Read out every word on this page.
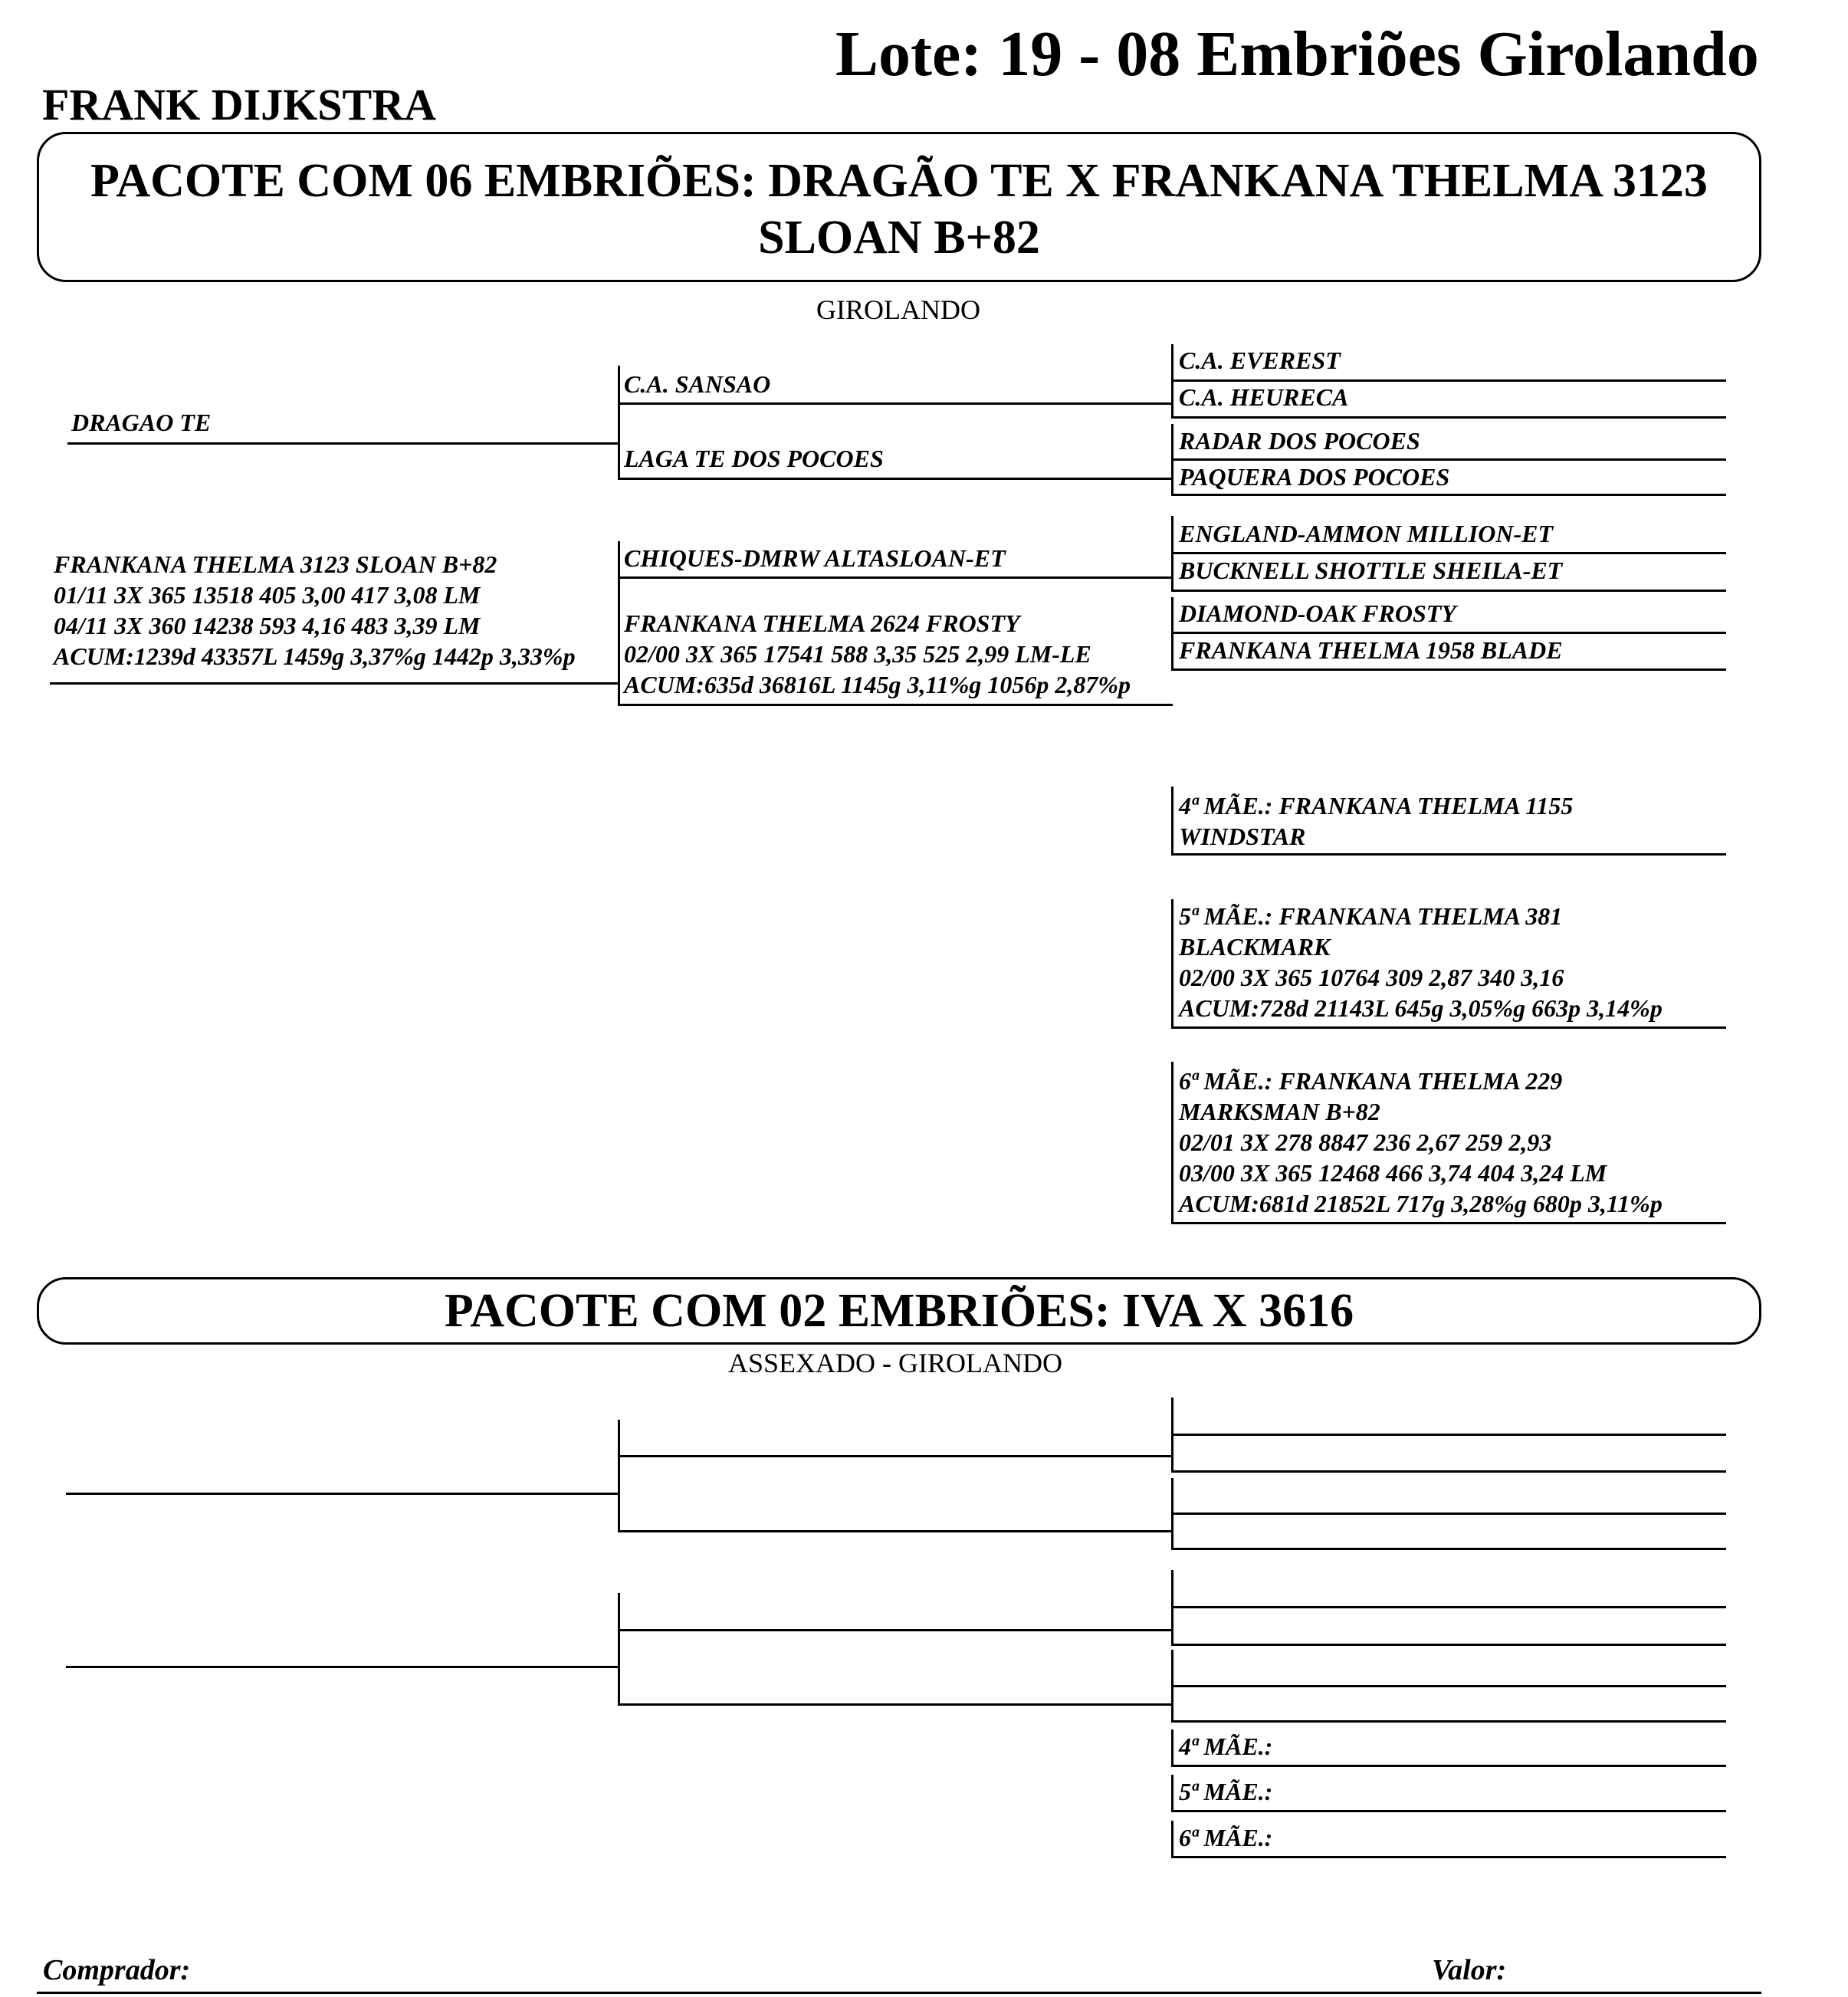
Lote: 19 - 08 Embriões Girolando
FRANK DIJKSTRA
PACOTE COM 06 EMBRIÕES: DRAGÃO TE X FRANKANA THELMA 3123 SLOAN B+82
GIROLANDO
DRAGAO TE
C.A. SANSAO
LAGA TE DOS POCOES
C.A. EVEREST
C.A. HEURECA
RADAR DOS POCOES
PAQUERA DOS POCOES
FRANKANA THELMA 3123 SLOAN B+82
01/11 3X 365 13518 405 3,00 417 3,08 LM
04/11 3X 360 14238 593 4,16 483 3,39 LM
ACUM:1239d 43357L 1459g 3,37%g 1442p 3,33%p
CHIQUES-DMRW ALTASLOAN-ET
FRANKANA THELMA 2624 FROSTY
02/00 3X 365 17541 588 3,35 525 2,99 LM-LE
ACUM:635d 36816L 1145g 3,11%g 1056p 2,87%p
ENGLAND-AMMON MILLION-ET
BUCKNELL SHOTTLE SHEILA-ET
DIAMOND-OAK FROSTY
FRANKANA THELMA 1958 BLADE
4ª MÃE.: FRANKANA THELMA 1155
WINDSTAR
5ª MÃE.: FRANKANA THELMA 381
BLACKMARK
02/00 3X 365 10764 309 2,87 340 3,16
ACUM:728d 21143L 645g 3,05%g 663p 3,14%p
6ª MÃE.: FRANKANA THELMA 229
MARKSMAN B+82
02/01 3X 278 8847 236 2,67 259 2,93
03/00 3X 365 12468 466 3,74 404 3,24 LM
ACUM:681d 21852L 717g 3,28%g 680p 3,11%p
PACOTE COM 02 EMBRIÕES: IVA X 3616
ASSEXADO - GIROLANDO
4ª MÃE.:
5ª MÃE.:
6ª MÃE.:
Comprador:	Valor:
